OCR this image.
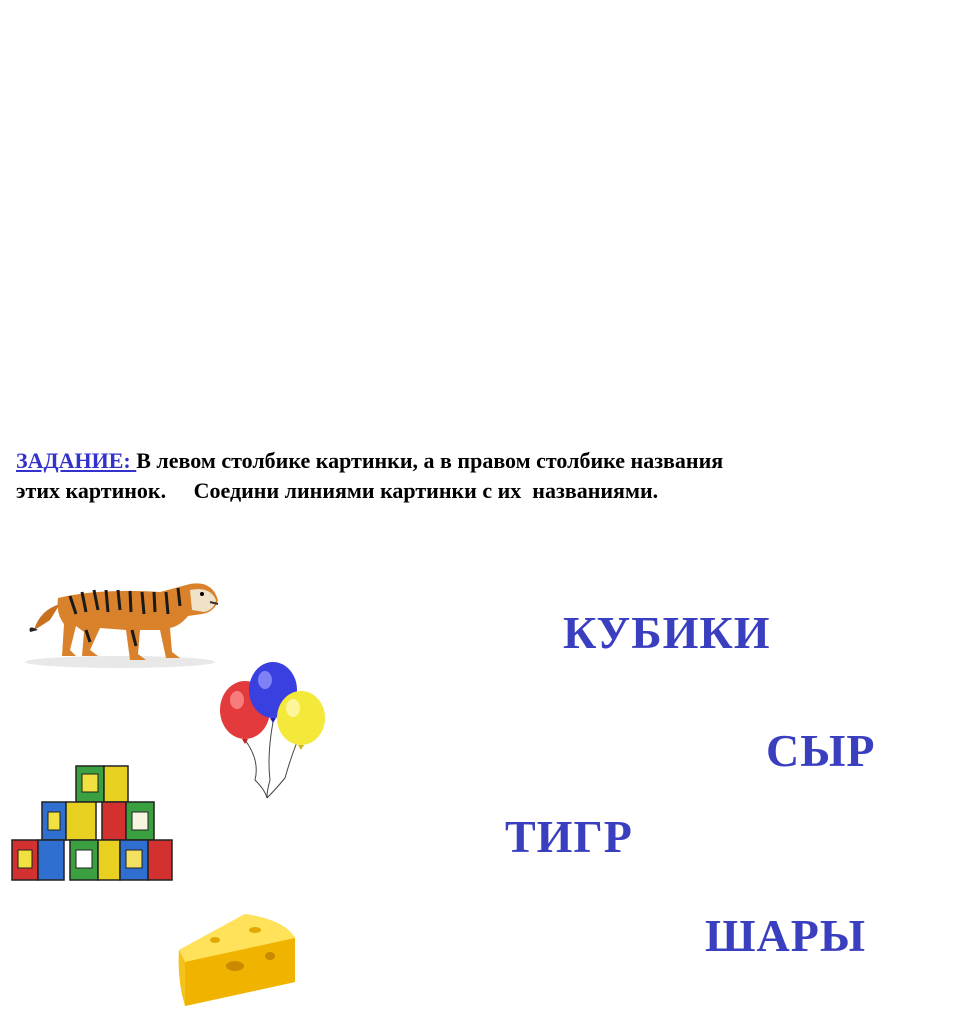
ЗАДАНИЕ: В левом столбике картинки, а в правом столбике названия
этих картинок.     Соедини линиями картинки с их  названиями.
КУБИКИ
СЫР
ТИГР
ШАРЫ
